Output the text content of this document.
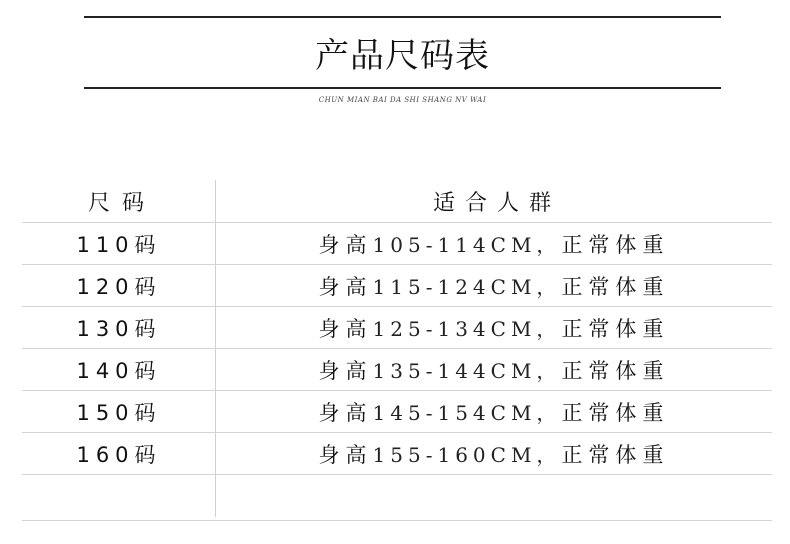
产品尺码表
CHUN MIAN BAI DA SHI SHANG NV WAI
尺码	适合人群
110码	身高105-114CM，正常体重
120码	身高115-124CM，正常体重
130码	身高125-134CM，正常体重
140码	身高135-144CM，正常体重
150码	身高145-154CM，正常体重
160码	身高155-160CM，正常体重
